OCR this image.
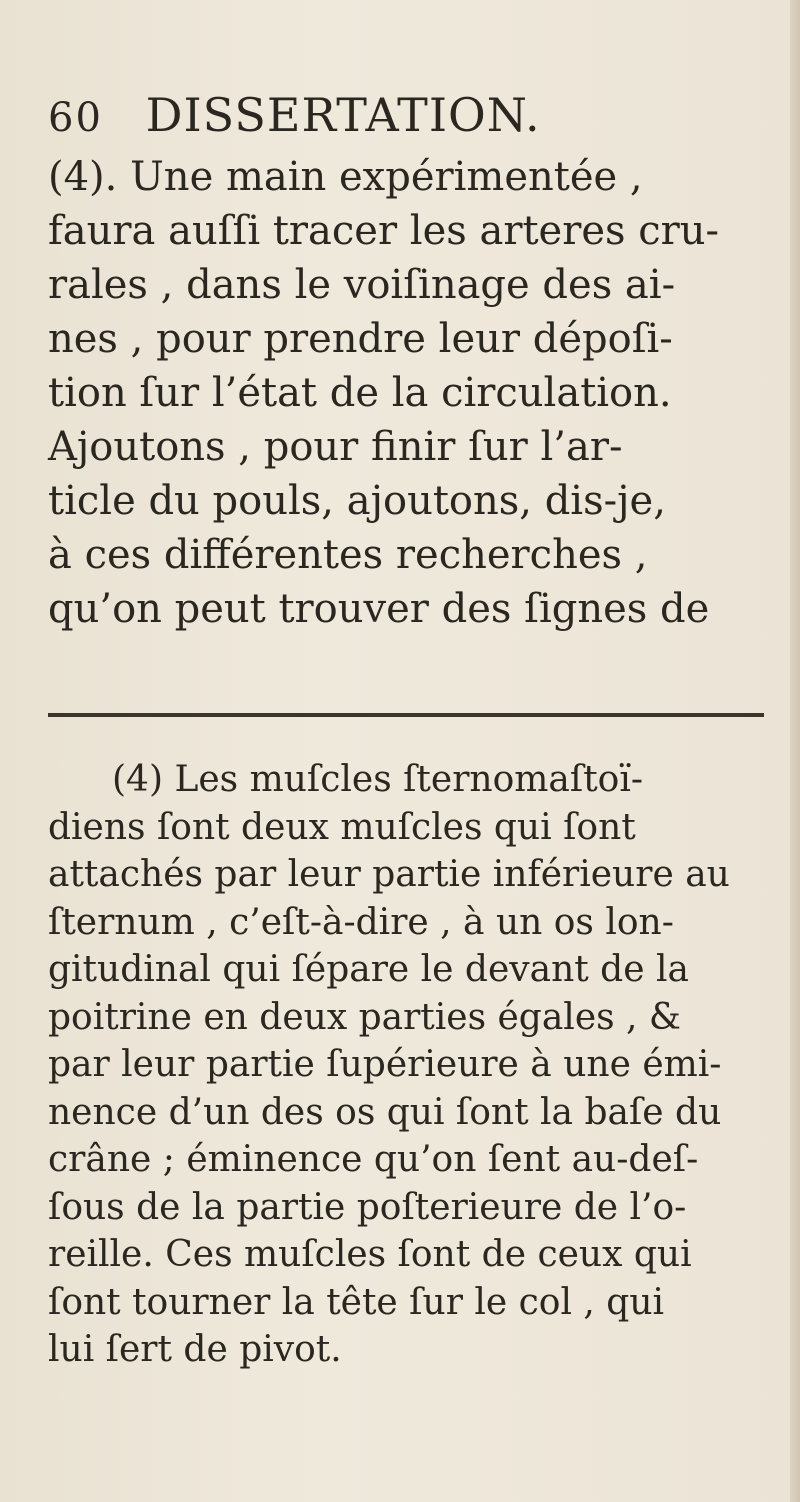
60 DISSERTATION.
(4). Une main expérimentée ,
faura auſſi tracer les arteres cru-
rales , dans le voiſinage des ai-
nes , pour prendre leur dépoſi-
tion ſur l’état de la circulation.
Ajoutons , pour finir ſur l’ar-
ticle du pouls, ajoutons, dis-je,
à ces différentes recherches ,
qu’on peut trouver des ſignes de
(4) Les muſcles ſternomaſtoï-
diens ſont deux muſcles qui ſont
attachés par leur partie inférieure au
ſternum , c’eſt-à-dire , à un os lon-
gitudinal qui ſépare le devant de la
poitrine en deux parties égales , &
par leur partie ſupérieure à une émi-
nence d’un des os qui ſont la baſe du
crâne ; éminence qu’on ſent au-deſ-
ſous de la partie poſterieure de l’o-
reille. Ces muſcles ſont de ceux qui
ſont tourner la tête ſur le col , qui
lui ſert de pivot.
